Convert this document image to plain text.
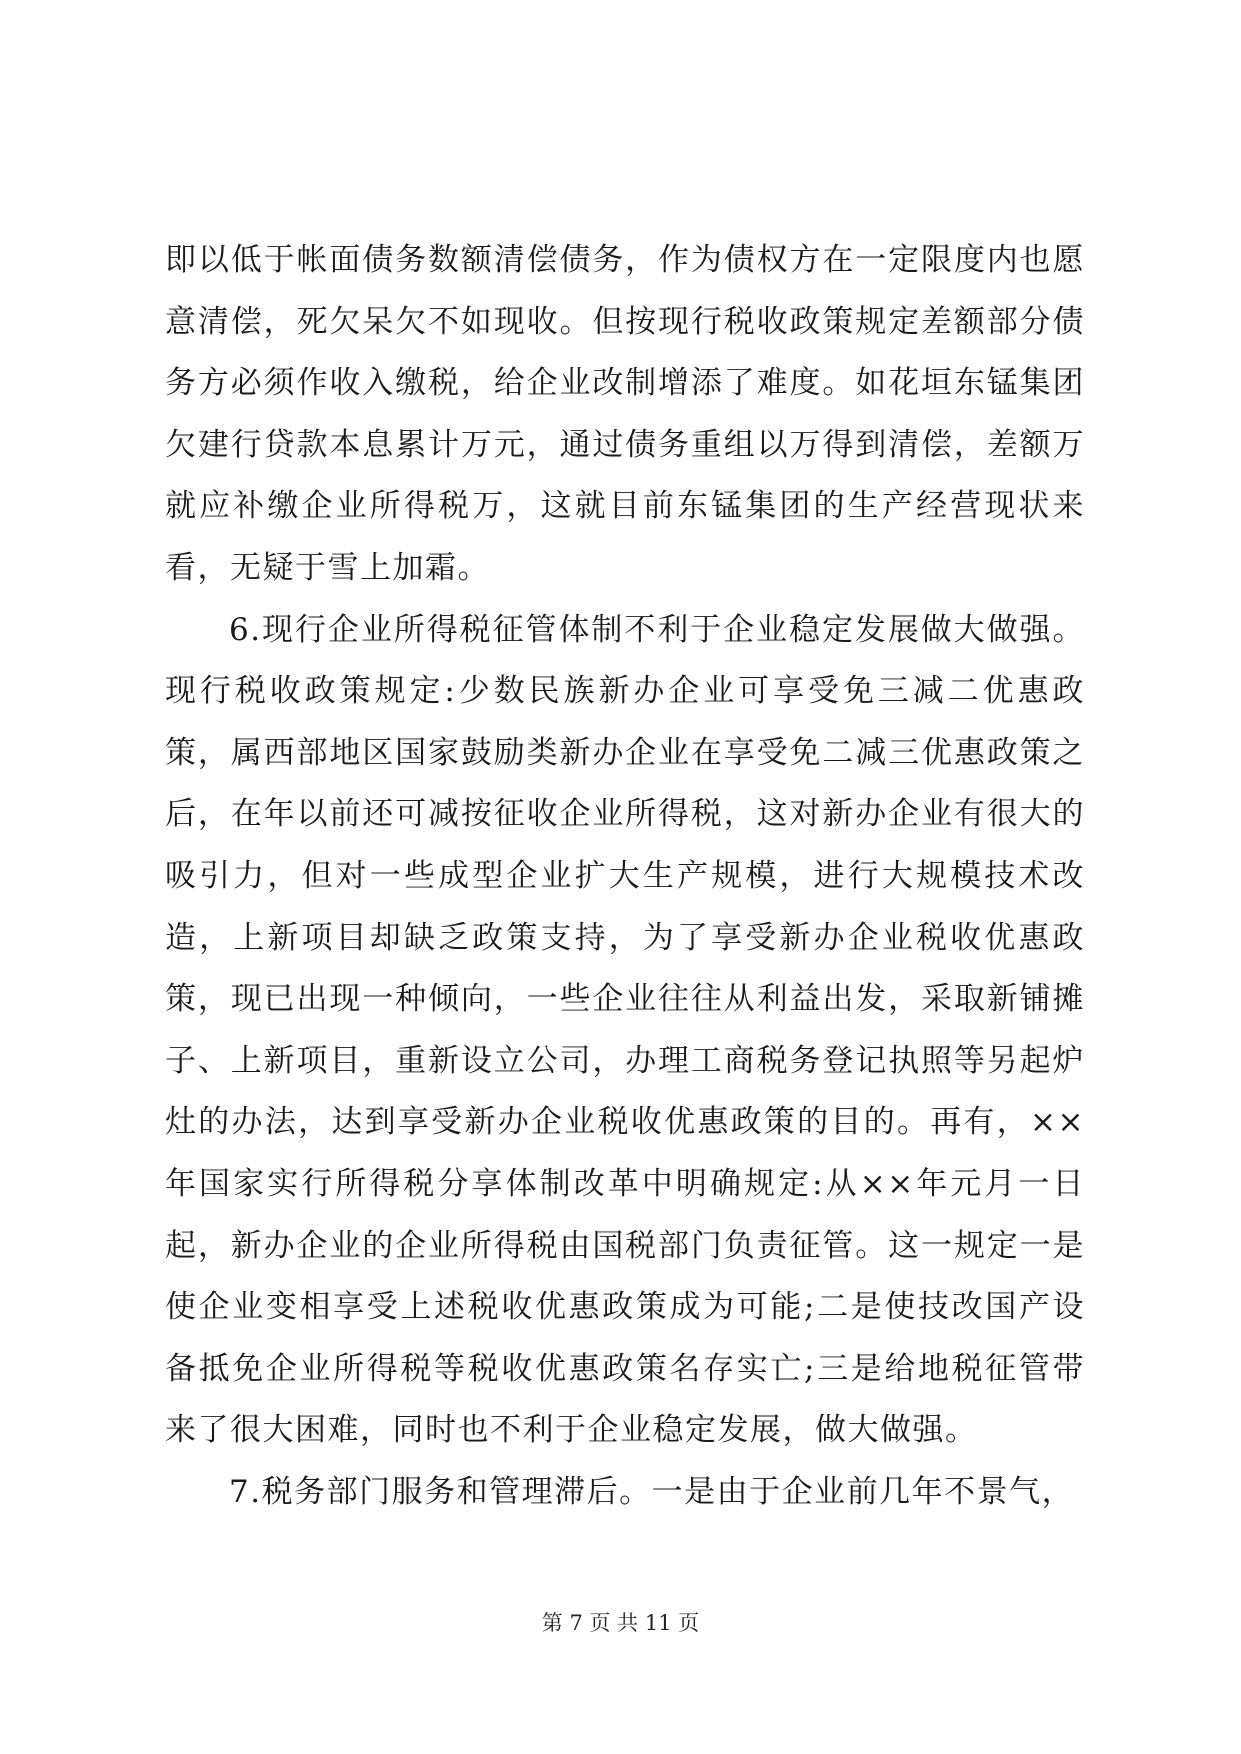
即以低于帐面债务数额清偿债务，作为债权方在一定限度内也愿意清偿，死欠呆欠不如现收。但按现行税收政策规定差额部分债务方必须作收入缴税，给企业改制增添了难度。如花垣东锰集团欠建行贷款本息累计万元，通过债务重组以万得到清偿，差额万就应补缴企业所得税万，这就目前东锰集团的生产经营现状来看，无疑于雪上加霜。

6.现行企业所得税征管体制不利于企业稳定发展做大做强。现行税收政策规定:少数民族新办企业可享受免三减二优惠政策，属西部地区国家鼓励类新办企业在享受免二减三优惠政策之后，在年以前还可减按征收企业所得税，这对新办企业有很大的吸引力，但对一些成型企业扩大生产规模，进行大规模技术改造，上新项目却缺乏政策支持，为了享受新办企业税收优惠政策，现已出现一种倾向，一些企业往往从利益出发，采取新铺摊子、上新项目，重新设立公司，办理工商税务登记执照等另起炉灶的办法，达到享受新办企业税收优惠政策的目的。再有，××年国家实行所得税分享体制改革中明确规定:从××年元月一日起，新办企业的企业所得税由国税部门负责征管。这一规定一是使企业变相享受上述税收优惠政策成为可能;二是使技改国产设备抵免企业所得税等税收优惠政策名存实亡;三是给地税征管带来了很大困难，同时也不利于企业稳定发展，做大做强。

7.税务部门服务和管理滞后。一是由于企业前几年不景气，

第 7 页 共 11 页
